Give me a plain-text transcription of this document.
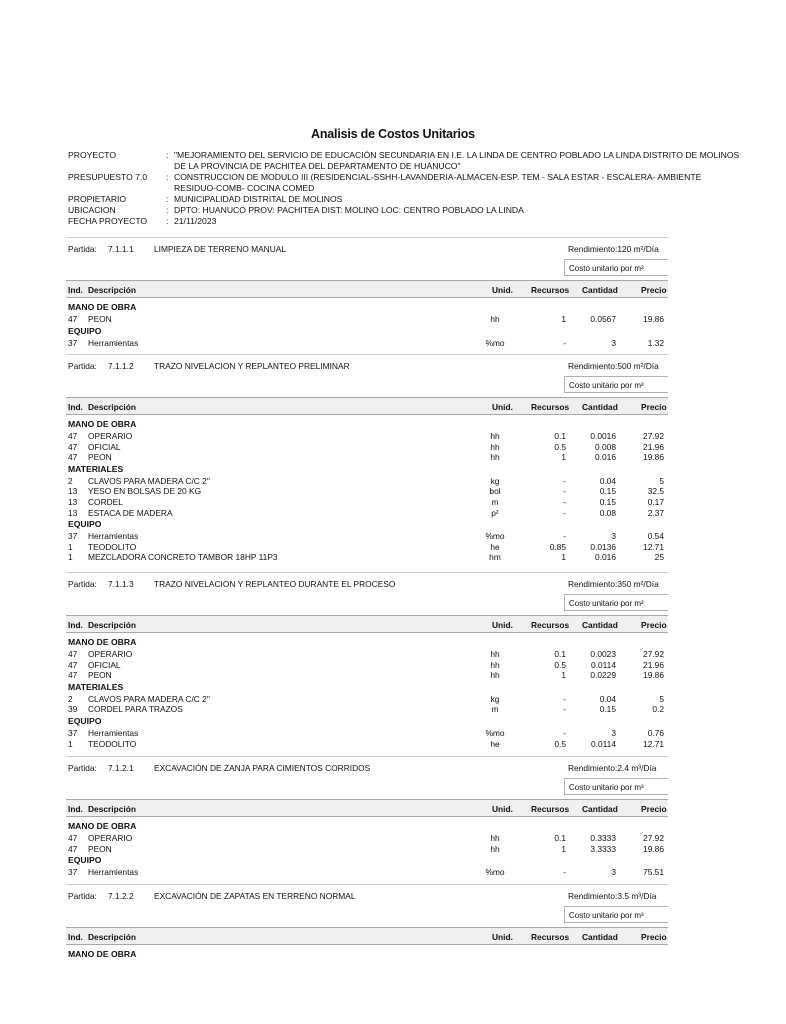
Analisis de Costos Unitarios
PROYECTO	: "MEJORAMIENTO DEL SERVICIO DE EDUCACIÓN SECUNDARIA EN I.E. LA LINDA DE CENTRO POBLADO LA LINDA DISTRITO DE MOLINOS
DE LA PROVINCIA DE PACHITEA DEL DEPARTAMENTO DE HUÁNUCO"
PRESUPUESTO 7.0 : CONSTRUCCION DE MODULO III (RESIDENCIAL-SSHH-LAVANDERIA-ALMACEN-ESP. TEM - SALA ESTAR - ESCALERA- AMBIENTE
RESIDUO-COMB- COCINA COMED
PROPIETARIO	: MUNICIPALIDAD DISTRITAL DE MOLINOS
UBICACION	: DPTO: HUANUCO PROV: PACHITEA DIST: MOLINO LOC: CENTRO POBLADO LA LINDA
FECHA PROYECTO : 21/11/2023
Partida: 7.1.1.1 LIMPIEZA DE TERRENO MANUAL	Rendimiento:120 m²/Día
Costo unitario por m²
Ind. Descripción	Unid. Recursos Cantidad	Precio
MANO DE OBRA
47 PEON	hh	1	0.0567	19.86
EQUIPO
37 Herramientas	%mo	-	3	1.32
Partida: 7.1.1.2 TRAZO NIVELACION Y REPLANTEO PRELIMINAR	Rendimiento:500 m²/Día
Costo unitario por m²
Ind. Descripción	Unid. Recursos Cantidad	Precio
MANO DE OBRA
47 OPERARIO	hh	0.1	0.0016	27.92
47 OFICIAL	hh	0.5	0.008	21.96
47 PEON	hh	1	0.016	19.86
MATERIALES
2 CLAVOS PARA MADERA C/C 2"	kg	-	0.04	5
13 YESO EN BOLSAS DE 20 KG	bol	-	0.15	32.5
13 CORDEL	m	-	0.15	0.17
13 ESTACA DE MADERA	p²	-	0.08	2.37
EQUIPO
37 Herramientas	%mo	-	3	0.54
1 TEODOLITO	he	0.85	0.0136	12.71
1 MEZCLADORA CONCRETO TAMBOR 18HP 11P3	hm	1	0.016	25
Partida: 7.1.1.3 TRAZO NIVELACION Y REPLANTEO DURANTE EL PROCESO	Rendimiento:350 m²/Día
Costo unitario por m²
Ind. Descripción	Unid. Recursos Cantidad	Precio
MANO DE OBRA
47 OPERARIO	hh	0.1	0.0023	27.92
47 OFICIAL	hh	0.5	0.0114	21.96
47 PEON	hh	1	0.0229	19.86
MATERIALES
2 CLAVOS PARA MADERA C/C 2"	kg	-	0.04	5
39 CORDEL PARA TRAZOS	m	-	0.15	0.2
EQUIPO
37 Herramientas	%mo	-	3	0.76
1 TEODOLITO	he	0.5	0.0114	12.71
Partida: 7.1.2.1 EXCAVACIÓN DE ZANJA PARA CIMIENTOS CORRIDOS	Rendimiento:2.4 m³/Día
Costo unitario por m³
Ind. Descripción	Unid. Recursos Cantidad	Precio
MANO DE OBRA
47 OPERARIO	hh	0.1	0.3333	27.92
47 PEON	hh	1	3.3333	19.86
EQUIPO
37 Herramientas	%mo	-	3	75.51
Partida: 7.1.2.2 EXCAVACIÓN DE ZAPATAS EN TERRENO NORMAL	Rendimiento:3.5 m³/Día
Costo unitario por m³
Ind. Descripción	Unid. Recursos Cantidad	Precio
MANO DE OBRA
